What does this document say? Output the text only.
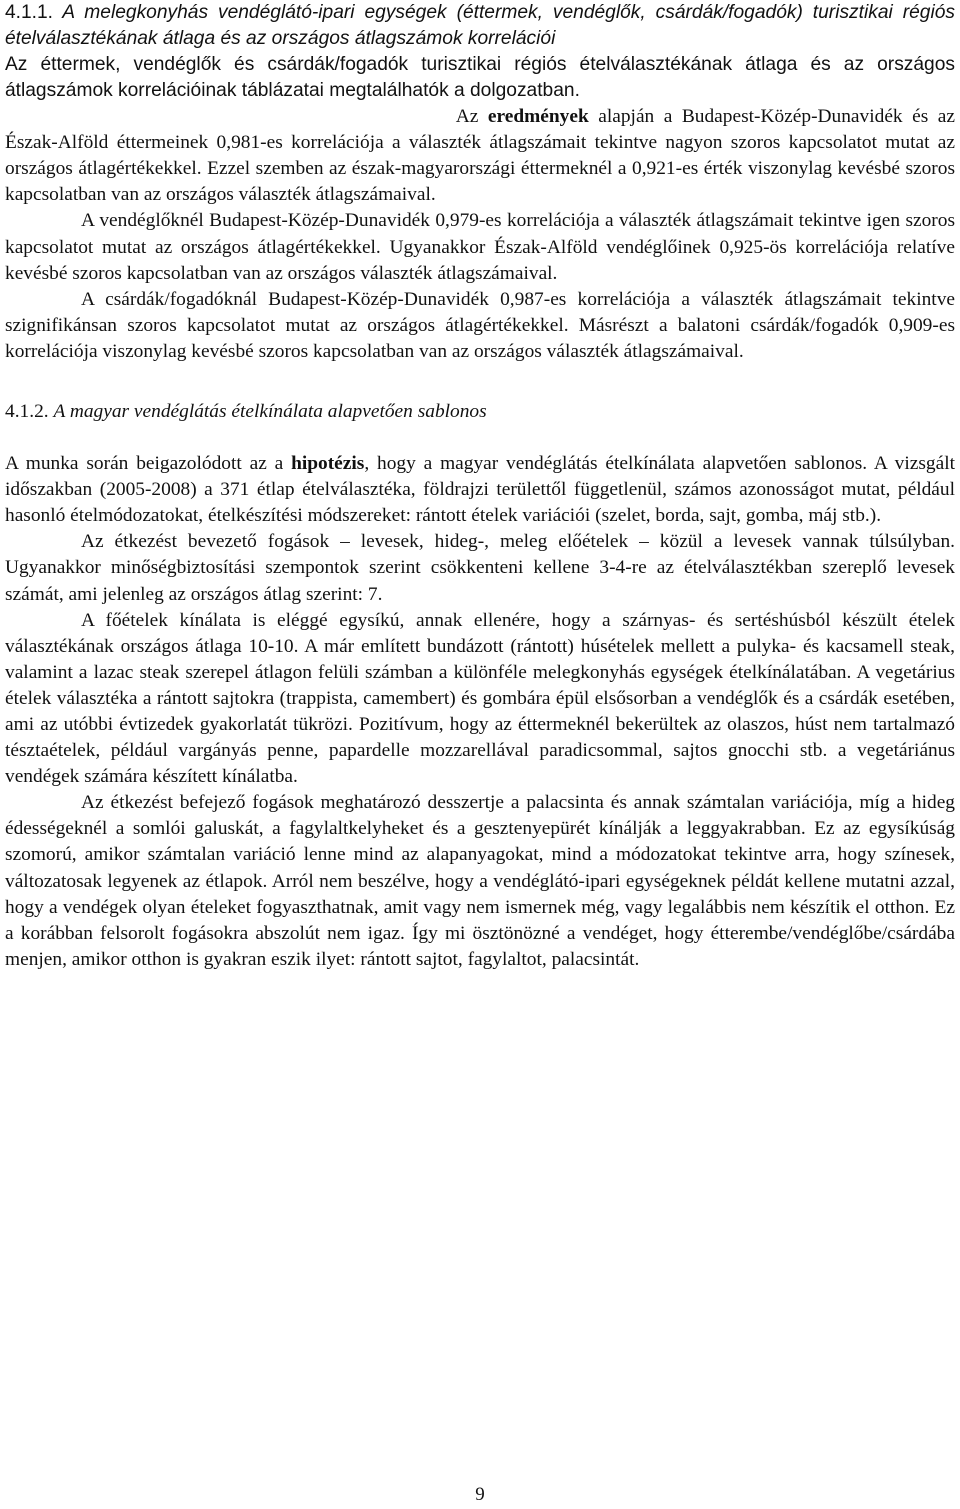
4.1.1. A melegkonyhás vendéglátó-ipari egységek (éttermek, vendéglők, csárdák/fogadók) turisztikai régiós ételválasztékának átlaga és az országos átlagszámok korrelációi

Az éttermek, vendéglők és csárdák/fogadók turisztikai régiós ételválasztékának átlaga és az országos átlagszámok korrelációinak táblázatai megtalálhatók a dolgozatban.

Az eredmények alapján a Budapest-Közép-Dunavidék és az Észak-Alföld éttermeinek 0,981-es korrelációja a választék átlagszámait tekintve nagyon szoros kapcsolatot mutat az országos átlagértékekkel. Ezzel szemben az észak-magyarországi éttermeknél a 0,921-es érték viszonylag kevésbé szoros kapcsolatban van az országos választék átlagszámaival.

A vendéglőknél Budapest-Közép-Dunavidék 0,979-es korrelációja a választék átlagszámait tekintve igen szoros kapcsolatot mutat az országos átlagértékekkel. Ugyanakkor Észak-Alföld vendéglőinek 0,925-ös korrelációja relatíve kevésbé szoros kapcsolatban van az országos választék átlagszámaival.

A csárdák/fogadóknál Budapest-Közép-Dunavidék 0,987-es korrelációja a választék átlagszámait tekintve szignifikánsan szoros kapcsolatot mutat az országos átlagértékekkel. Másrészt a balatoni csárdák/fogadók 0,909-es korrelációja viszonylag kevésbé szoros kapcsolatban van az országos választék átlagszámaival.

4.1.2. A magyar vendéglátás ételkínálata alapvetően sablonos

A munka során beigazolódott az a hipotézis, hogy a magyar vendéglátás ételkínálata alapvetően sablonos. A vizsgált időszakban (2005-2008) a 371 étlap ételválasztéka, földrajzi területtől függetlenül, számos azonosságot mutat, például hasonló ételmódozatokat, ételkészítési módszereket: rántott ételek variációi (szelet, borda, sajt, gomba, máj stb.).

Az étkezést bevezető fogások – levesek, hideg-, meleg előételek – közül a levesek vannak túlsúlyban. Ugyanakkor minőségbiztosítási szempontok szerint csökkenteni kellene 3-4-re az ételválasztékban szereplő levesek számát, ami jelenleg az országos átlag szerint: 7.

A főételek kínálata is eléggé egysíkú, annak ellenére, hogy a szárnyas- és sertéshúsból készült ételek választékának országos átlaga 10-10. A már említett bundázott (rántott) húsételek mellett a pulyka- és kacsamell steak, valamint a lazac steak szerepel átlagon felüli számban a különféle melegkonyhás egységek ételkínálatában. A vegetárius ételek választéka a rántott sajtokra (trappista, camembert) és gombára épül elsősorban a vendéglők és a csárdák esetében, ami az utóbbi évtizedek gyakorlatát tükrözi. Pozitívum, hogy az éttermeknél bekerültek az olaszos, húst nem tartalmazó tésztaételek, például vargányás penne, papardelle mozzarellával paradicsommal, sajtos gnocchi stb. a vegetáriánus vendégek számára készített kínálatba.

Az étkezést befejező fogások meghatározó desszertje a palacsinta és annak számtalan variációja, míg a hideg édességeknél a somlói galuskát, a fagylaltkelyheket és a gesztenyepürét kínálják a leggyakrabban. Ez az egysíkúság szomorú, amikor számtalan variáció lenne mind az alapanyagokat, mind a módozatokat tekintve arra, hogy színesek, változatosak legyenek az étlapok. Arról nem beszélve, hogy a vendéglátó-ipari egységeknek példát kellene mutatni azzal, hogy a vendégek olyan ételeket fogyaszthatnak, amit vagy nem ismernek még, vagy legalábbis nem készítik el otthon. Ez a korábban felsorolt fogásokra abszolút nem igaz. Így mi ösztönözné a vendéget, hogy étterembe/vendéglőbe/csárdába menjen, amikor otthon is gyakran eszik ilyet: rántott sajtot, fagylaltot, palacsintát.

9
